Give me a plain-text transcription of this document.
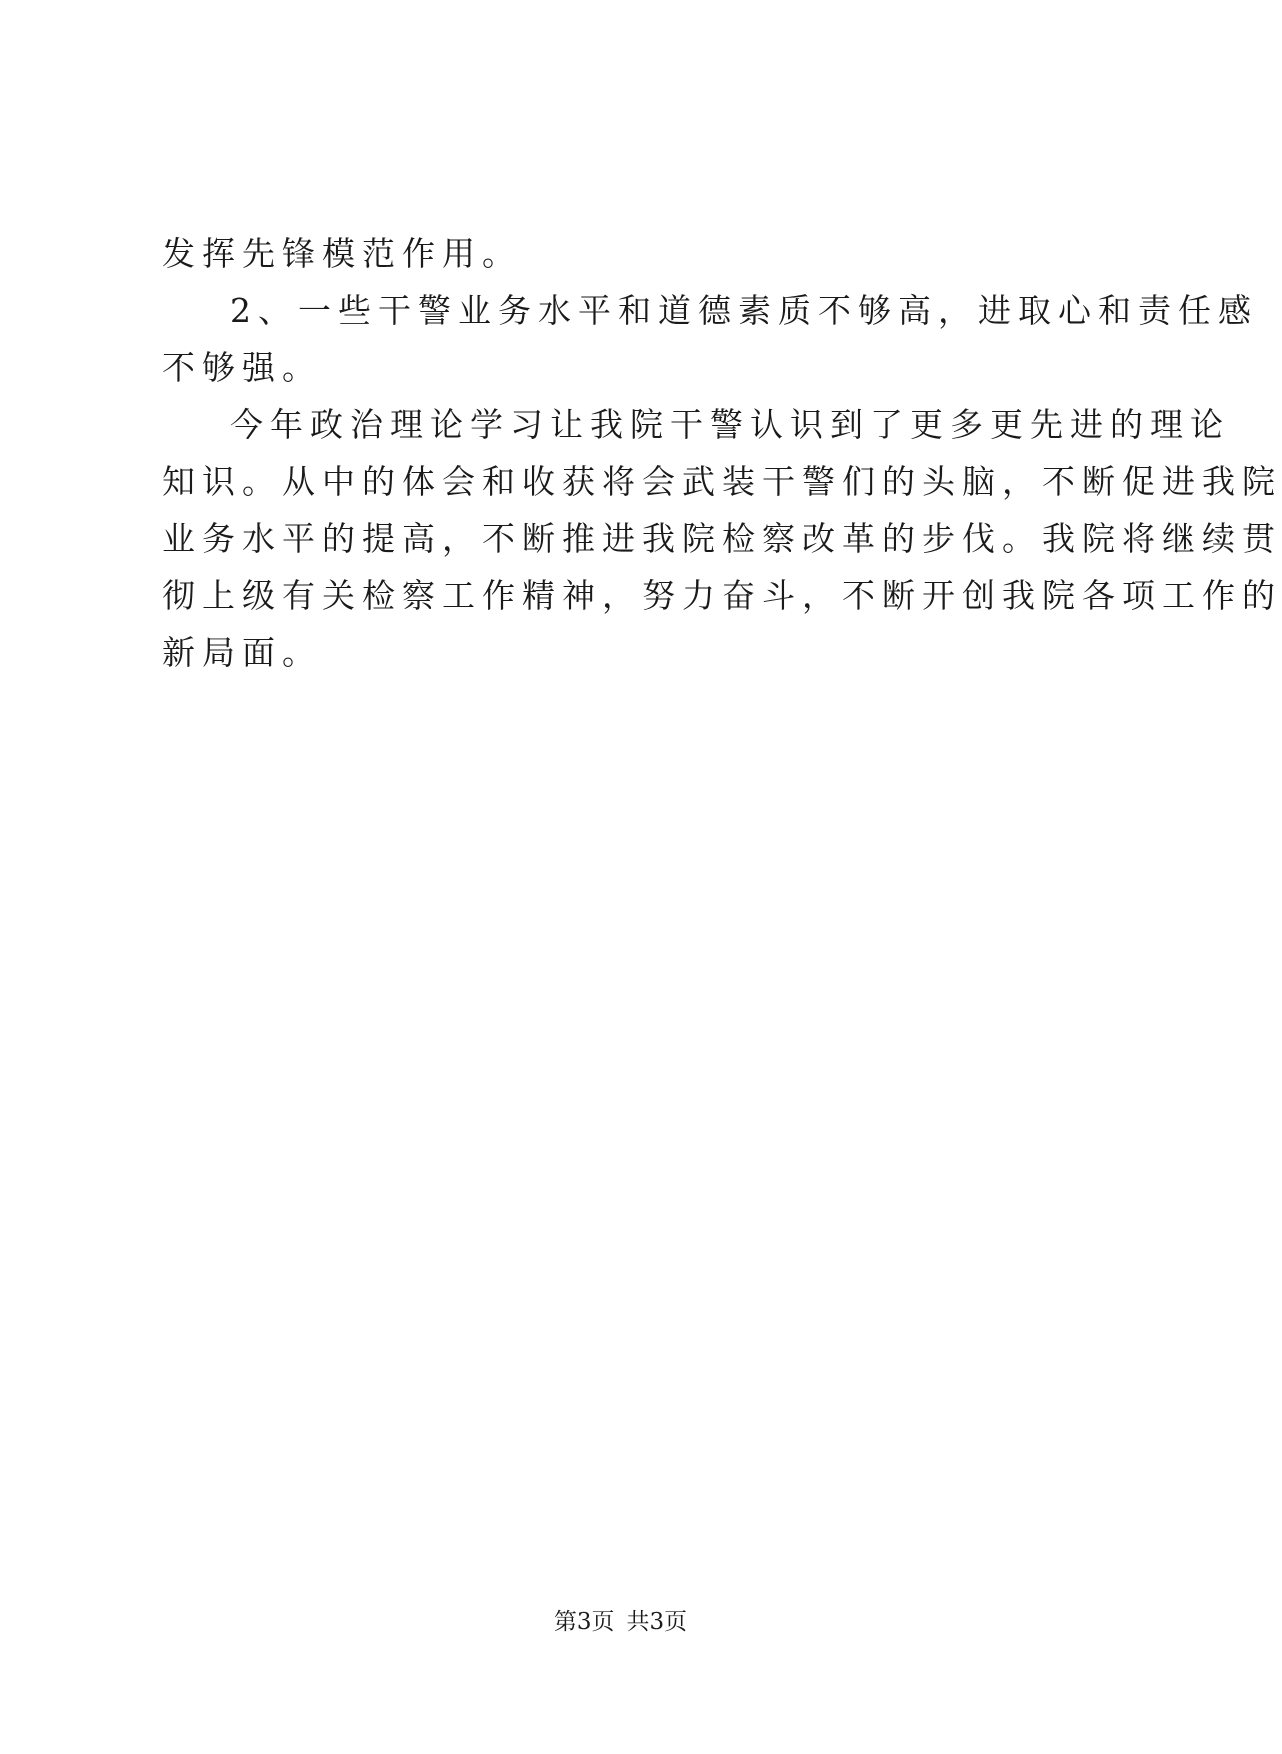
发挥先锋模范作用。
2、一些干警业务水平和道德素质不够高，进取心和责任感
不够强。
今年政治理论学习让我院干警认识到了更多更先进的理论
知识。从中的体会和收获将会武装干警们的头脑，不断促进我院
业务水平的提高，不断推进我院检察改革的步伐。我院将继续贯
彻上级有关检察工作精神，努力奋斗，不断开创我院各项工作的
新局面。
第3页 共3页
